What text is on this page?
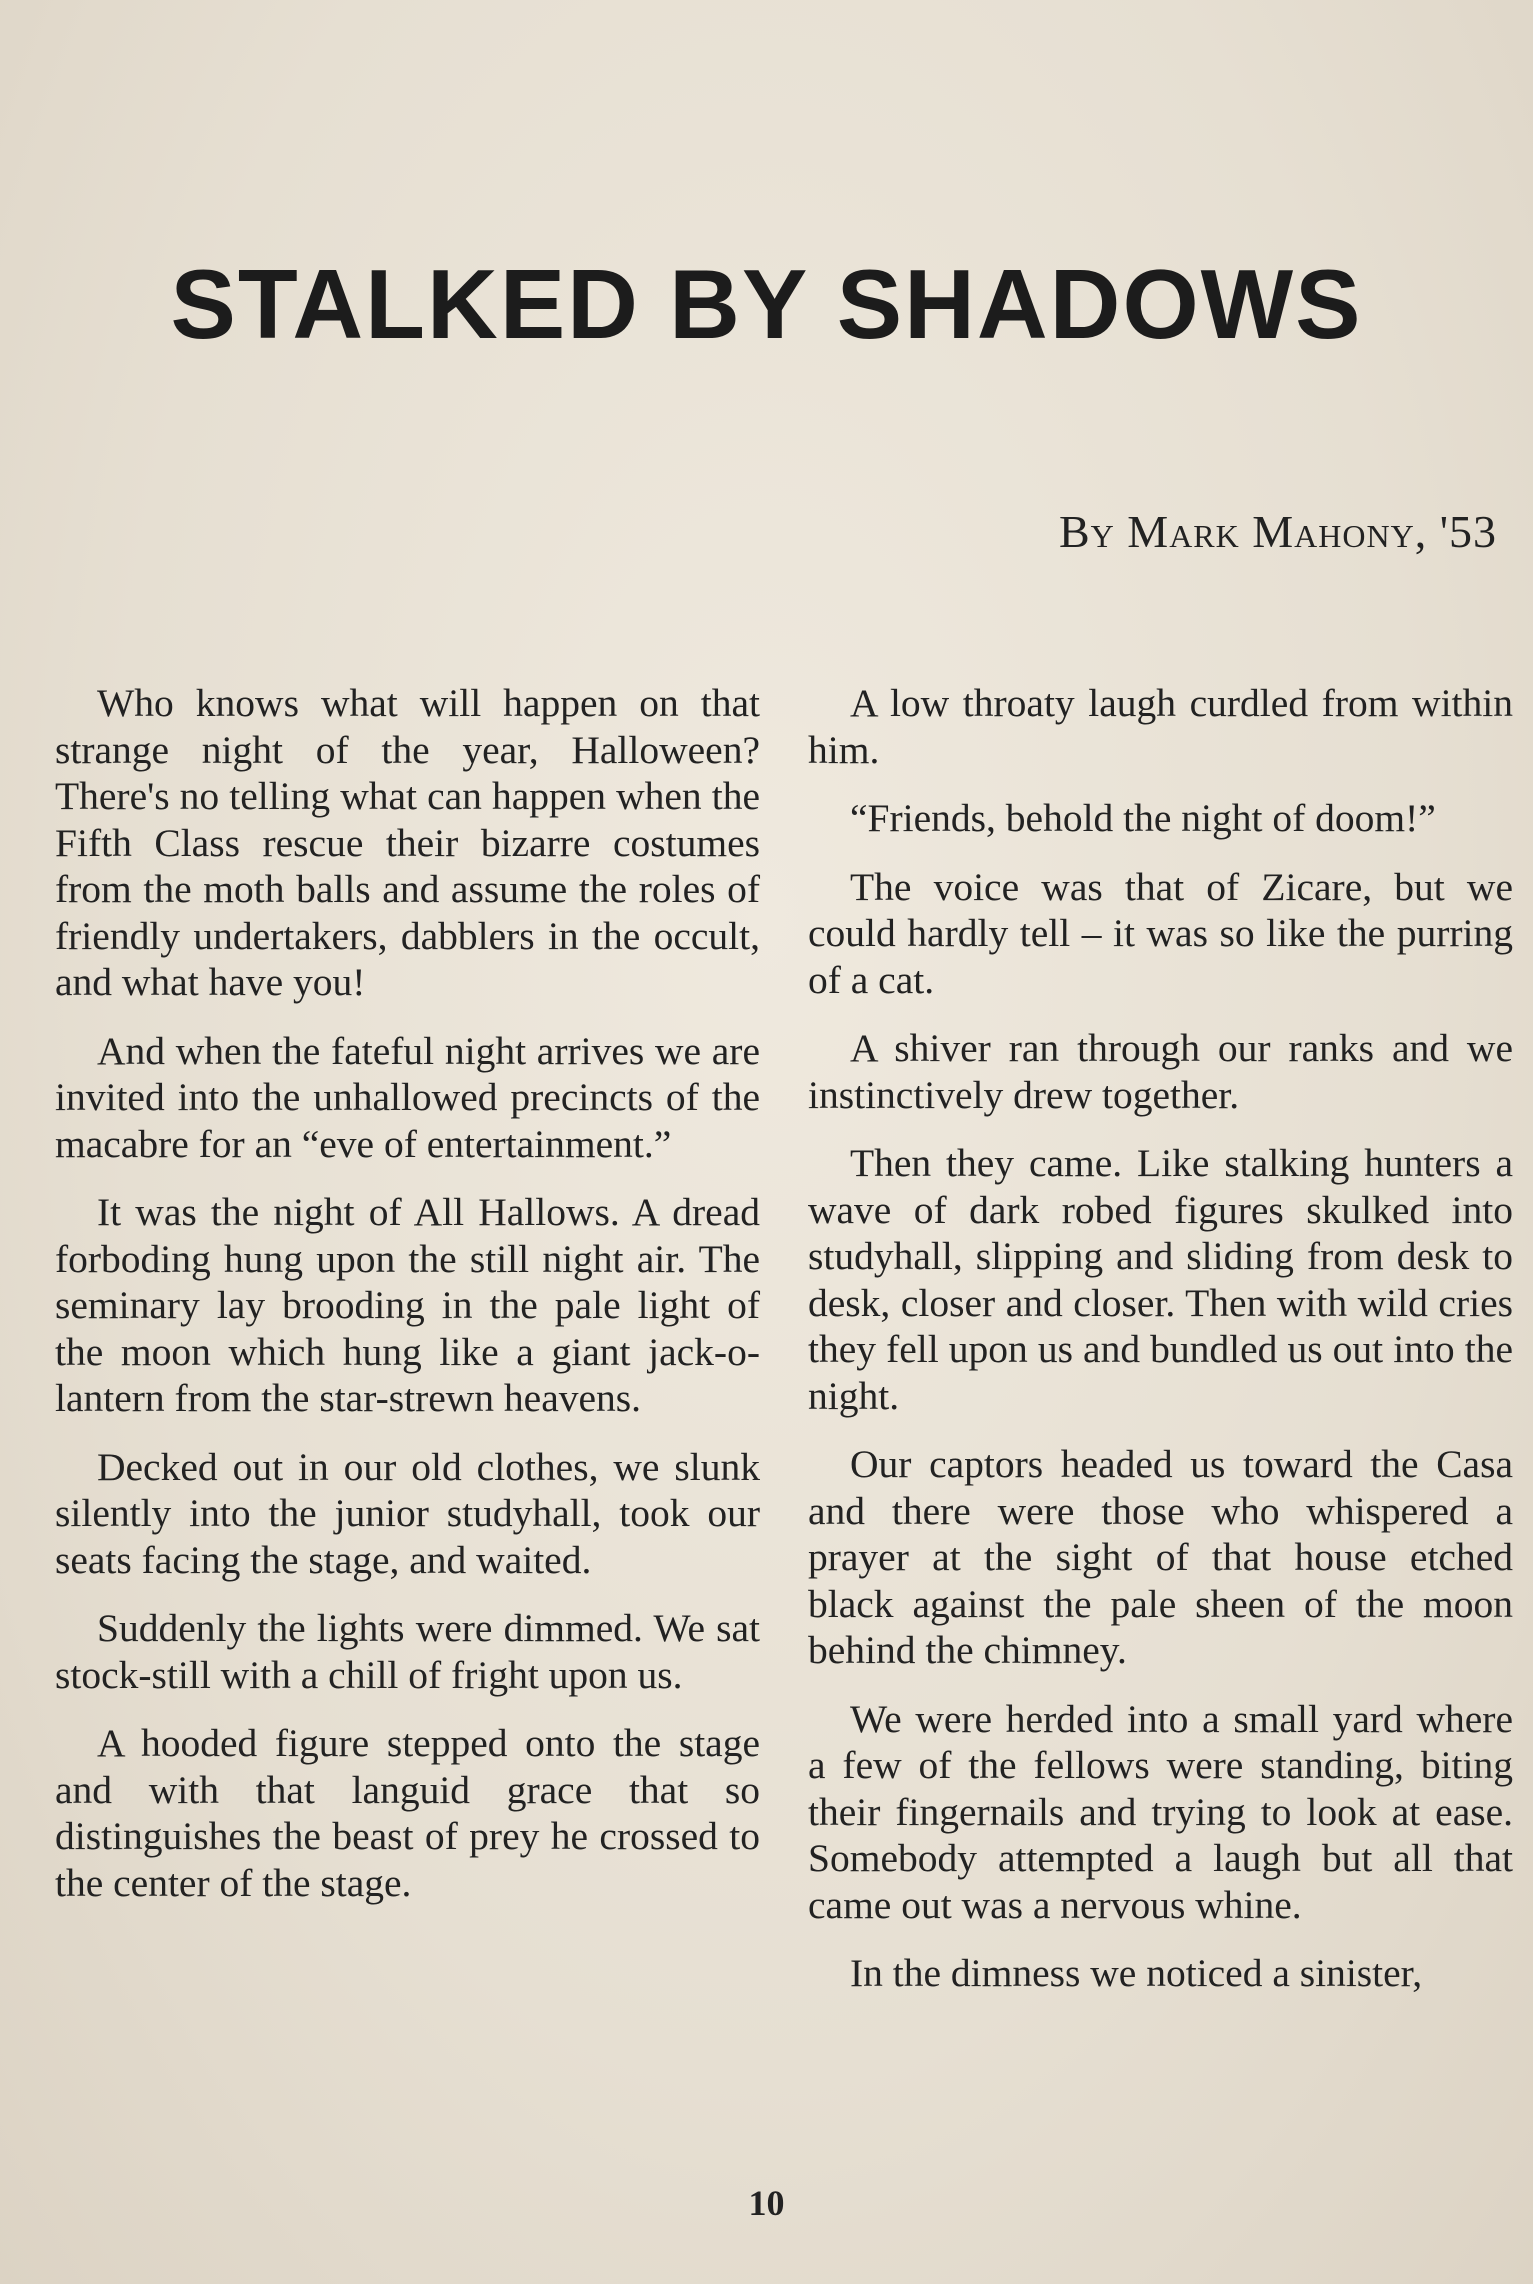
STALKED BY SHADOWS
By Mark Mahony, '53

Who knows what will happen on that strange night of the year, Halloween? There's no telling what can happen when the Fifth Class rescue their bizarre costumes from the moth balls and assume the roles of friendly undertakers, dabblers in the occult, and what have you!

And when the fateful night arrives we are invited into the unhallowed precincts of the macabre for an “eve of entertainment.”

It was the night of All Hallows. A dread forboding hung upon the still night air. The seminary lay brooding in the pale light of the moon which hung like a giant jack-o-lantern from the star-strewn heavens.

Decked out in our old clothes, we slunk silently into the junior studyhall, took our seats facing the stage, and waited.

Suddenly the lights were dimmed. We sat stock-still with a chill of fright upon us.

A hooded figure stepped onto the stage and with that languid grace that so distinguishes the beast of prey he crossed to the center of the stage.

A low throaty laugh curdled from within him.

“Friends, behold the night of doom!”

The voice was that of Zicare, but we could hardly tell – it was so like the purring of a cat.

A shiver ran through our ranks and we instinctively drew together.

Then they came. Like stalking hunters a wave of dark robed figures skulked into studyhall, slipping and sliding from desk to desk, closer and closer. Then with wild cries they fell upon us and bundled us out into the night.

Our captors headed us toward the Casa and there were those who whispered a prayer at the sight of that house etched black against the pale sheen of the moon behind the chimney.

We were herded into a small yard where a few of the fellows were standing, biting their fingernails and trying to look at ease. Somebody attempted a laugh but all that came out was a nervous whine.

In the dimness we noticed a sinister,

10
